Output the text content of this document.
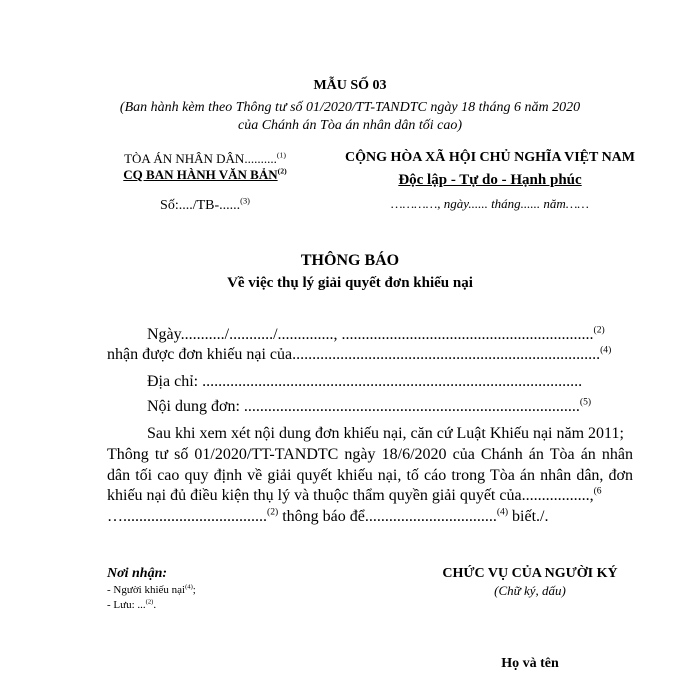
MẪU SỐ 03
(Ban hành kèm theo Thông tư số 01/2020/TT-TANDTC ngày 18 tháng 6 năm 2020
của Chánh án Tòa án nhân dân tối cao)
TÒA ÁN NHÂN DÂN..........$^{(1)}$
CQ BAN HÀNH VĂN BẢN$^{(2)}$
Số:..../TB-......$^{(3)}$
CỘNG HÒA XÃ HỘI CHỦ NGHĨA VIỆT NAM
Độc lập - Tự do - Hạnh phúc
…………, ngày...... tháng...... năm……
THÔNG BÁO
Về việc thụ lý giải quyết đơn khiếu nại
Ngày.........../.........../.............., ...............................................................$^{(2)}$
nhận được đơn khiếu nại của.............................................................................$^{(4)}$
Địa chỉ: ...............................................................................................
Nội dung đơn: ....................................................................................$^{(5)}$
Sau khi xem xét nội dung đơn khiếu nại, căn cứ Luật Khiếu nại năm 2011;
Thông tư số 01/2020/TT-TANDTC ngày 18/6/2020 của Chánh án Tòa án nhân
dân tối cao quy định về giải quyết khiếu nại, tố cáo trong Tòa án nhân dân, đơn
khiếu nại đủ điều kiện thụ lý và thuộc thẩm quyền giải quyết của.................,$^{(6}$
…....................................$^{(2)}$ thông báo để.................................$^{(4)}$ biết./.
Nơi nhận:
- Người khiếu nại$^{(4)}$;
- Lưu: ...$^{(2)}$.
CHỨC VỤ CỦA NGƯỜI KÝ
(Chữ ký, dấu)
Họ và tên
